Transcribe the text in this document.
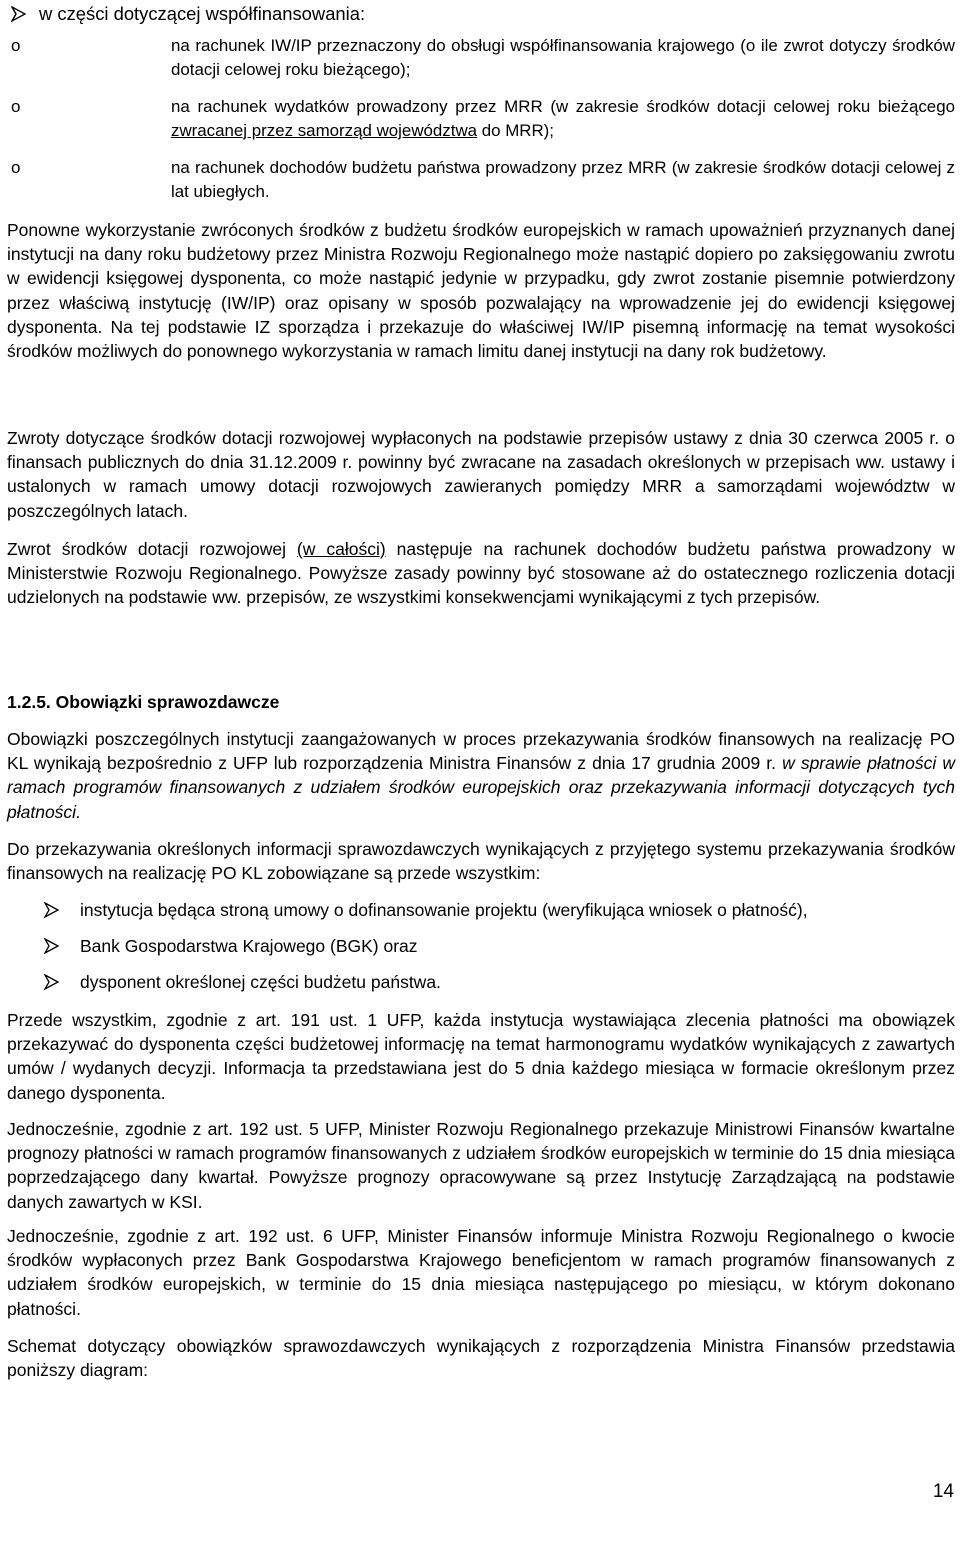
w części dotyczącej współfinansowania:
o	na rachunek IW/IP przeznaczony do obsługi współfinansowania krajowego (o ile zwrot dotyczy środków dotacji celowej roku bieżącego);
o	na rachunek wydatków prowadzony przez MRR (w zakresie środków dotacji celowej roku bieżącego zwracanej przez samorząd województwa do MRR);
o	na rachunek dochodów budżetu państwa prowadzony przez MRR (w zakresie środków dotacji celowej z lat ubiegłych.

Ponowne wykorzystanie zwróconych środków z budżetu środków europejskich w ramach upoważnień przyznanych danej instytucji na dany roku budżetowy przez Ministra Rozwoju Regionalnego może nastąpić dopiero po zaksięgowaniu zwrotu w ewidencji księgowej dysponenta, co może nastąpić jedynie w przypadku, gdy zwrot zostanie pisemnie potwierdzony przez właściwą instytucję (IW/IP) oraz opisany w sposób pozwalający na wprowadzenie jej do ewidencji księgowej dysponenta. Na tej podstawie IZ sporządza i przekazuje do właściwej IW/IP pisemną informację na temat wysokości środków możliwych do ponownego wykorzystania w ramach limitu danej instytucji na dany rok budżetowy.

Zwroty dotyczące środków dotacji rozwojowej wypłaconych na podstawie przepisów ustawy z dnia 30 czerwca 2005 r. o finansach publicznych do dnia 31.12.2009 r. powinny być zwracane na zasadach określonych w przepisach ww. ustawy i ustalonych w ramach umowy dotacji rozwojowych zawieranych pomiędzy MRR a samorządami województw w poszczególnych latach.

Zwrot środków dotacji rozwojowej (w całości) następuje na rachunek dochodów budżetu państwa prowadzony w Ministerstwie Rozwoju Regionalnego. Powyższe zasady powinny być stosowane aż do ostatecznego rozliczenia dotacji udzielonych na podstawie ww. przepisów, ze wszystkimi konsekwencjami wynikającymi z tych przepisów.

1.2.5. Obowiązki sprawozdawcze

Obowiązki poszczególnych instytucji zaangażowanych w proces przekazywania środków finansowych na realizację PO KL wynikają bezpośrednio z UFP lub rozporządzenia Ministra Finansów z dnia 17 grudnia 2009 r. w sprawie płatności w ramach programów finansowanych z udziałem środków europejskich oraz przekazywania informacji dotyczących tych płatności.

Do przekazywania określonych informacji sprawozdawczych wynikających z przyjętego systemu przekazywania środków finansowych na realizację PO KL zobowiązane są przede wszystkim:

instytucja będąca stroną umowy o dofinansowanie projektu (weryfikująca wniosek o płatność),
Bank Gospodarstwa Krajowego (BGK) oraz
dysponent określonej części budżetu państwa.

Przede wszystkim, zgodnie z art. 191 ust. 1 UFP, każda instytucja wystawiająca zlecenia płatności ma obowiązek przekazywać do dysponenta części budżetowej informację na temat harmonogramu wydatków wynikających z zawartych umów / wydanych decyzji. Informacja ta przedstawiana jest do 5 dnia każdego miesiąca w formacie określonym przez danego dysponenta.

Jednocześnie, zgodnie z art. 192 ust. 5 UFP, Minister Rozwoju Regionalnego przekazuje Ministrowi Finansów kwartalne prognozy płatności w ramach programów finansowanych z udziałem środków europejskich w terminie do 15 dnia miesiąca poprzedzającego dany kwartał. Powyższe prognozy opracowywane są przez Instytucję Zarządzającą na podstawie danych zawartych w KSI.

Jednocześnie, zgodnie z art. 192 ust. 6 UFP, Minister Finansów informuje Ministra Rozwoju Regionalnego o kwocie środków wypłaconych przez Bank Gospodarstwa Krajowego beneficjentom w ramach programów finansowanych z udziałem środków europejskich, w terminie do 15 dnia miesiąca następującego po miesiącu, w którym dokonano płatności.

Schemat dotyczący obowiązków sprawozdawczych wynikających z rozporządzenia Ministra Finansów przedstawia poniższy diagram:

14
